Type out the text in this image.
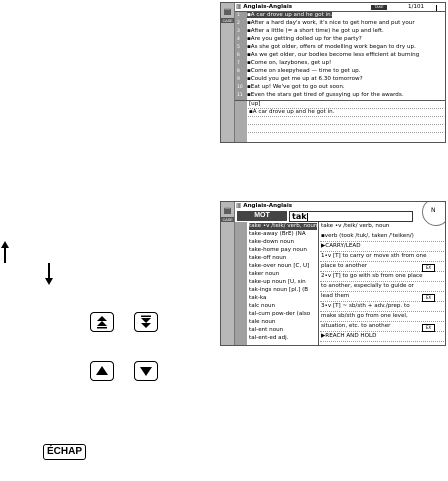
▤
CASE
▥ Anglais-Anglais	TAKE	1/101
1 ▪A car drove up and he got in.
2 ▪After a hard day's work, it's nice to get home and put your
3 ▪After a little (= a short time) he got up and left.
4 ▪Are you getting dolled up for the party?
5 ▪As she got older, offers of modelling work began to dry up.
6 ▪As we get older, our bodies become less efficient at burning
7 ▪Come on, lazybones, get up!
8 ▪Come on sleepyhead — time to get up.
9 ▪Could you get me up at 6.30 tomorrow?
10 ▪Eat up! We've got to go out soon.
11 ▪Even the stars get tired of gussying up for the awards.
[up]
▪A car drove up and he got in.
▤
CASE
▥ Anglais-Anglais
MOT	tak
N
take •v /teik/ verb, noun
take-away (BrE) (NA
take-down noun
take-home pay noun
take-off noun
take-over noun [C, U]
taker noun
take-up noun [U, sin
tak-ings noun [pl.] (B
tak-ka
talc noun
tal-cum pow-der (also
tale noun
tal-ent noun
tal-ent-ed adj.
take •v /teik/ verb, noun
▪verb (took /tuk/, taken /'teiken/)
▶CARRY/LEAD
1•v [T] to carry or move sth from one
place to another	EX
2•v [T] to go with sb from one place
to another, especially to guide or
lead them	EX
3•v [T] ~ sb/sth + adv./prep. to
make sb/sth go from one level,
situation, etc. to another	EX
▶REACH AND HOLD
ÉCHAP
